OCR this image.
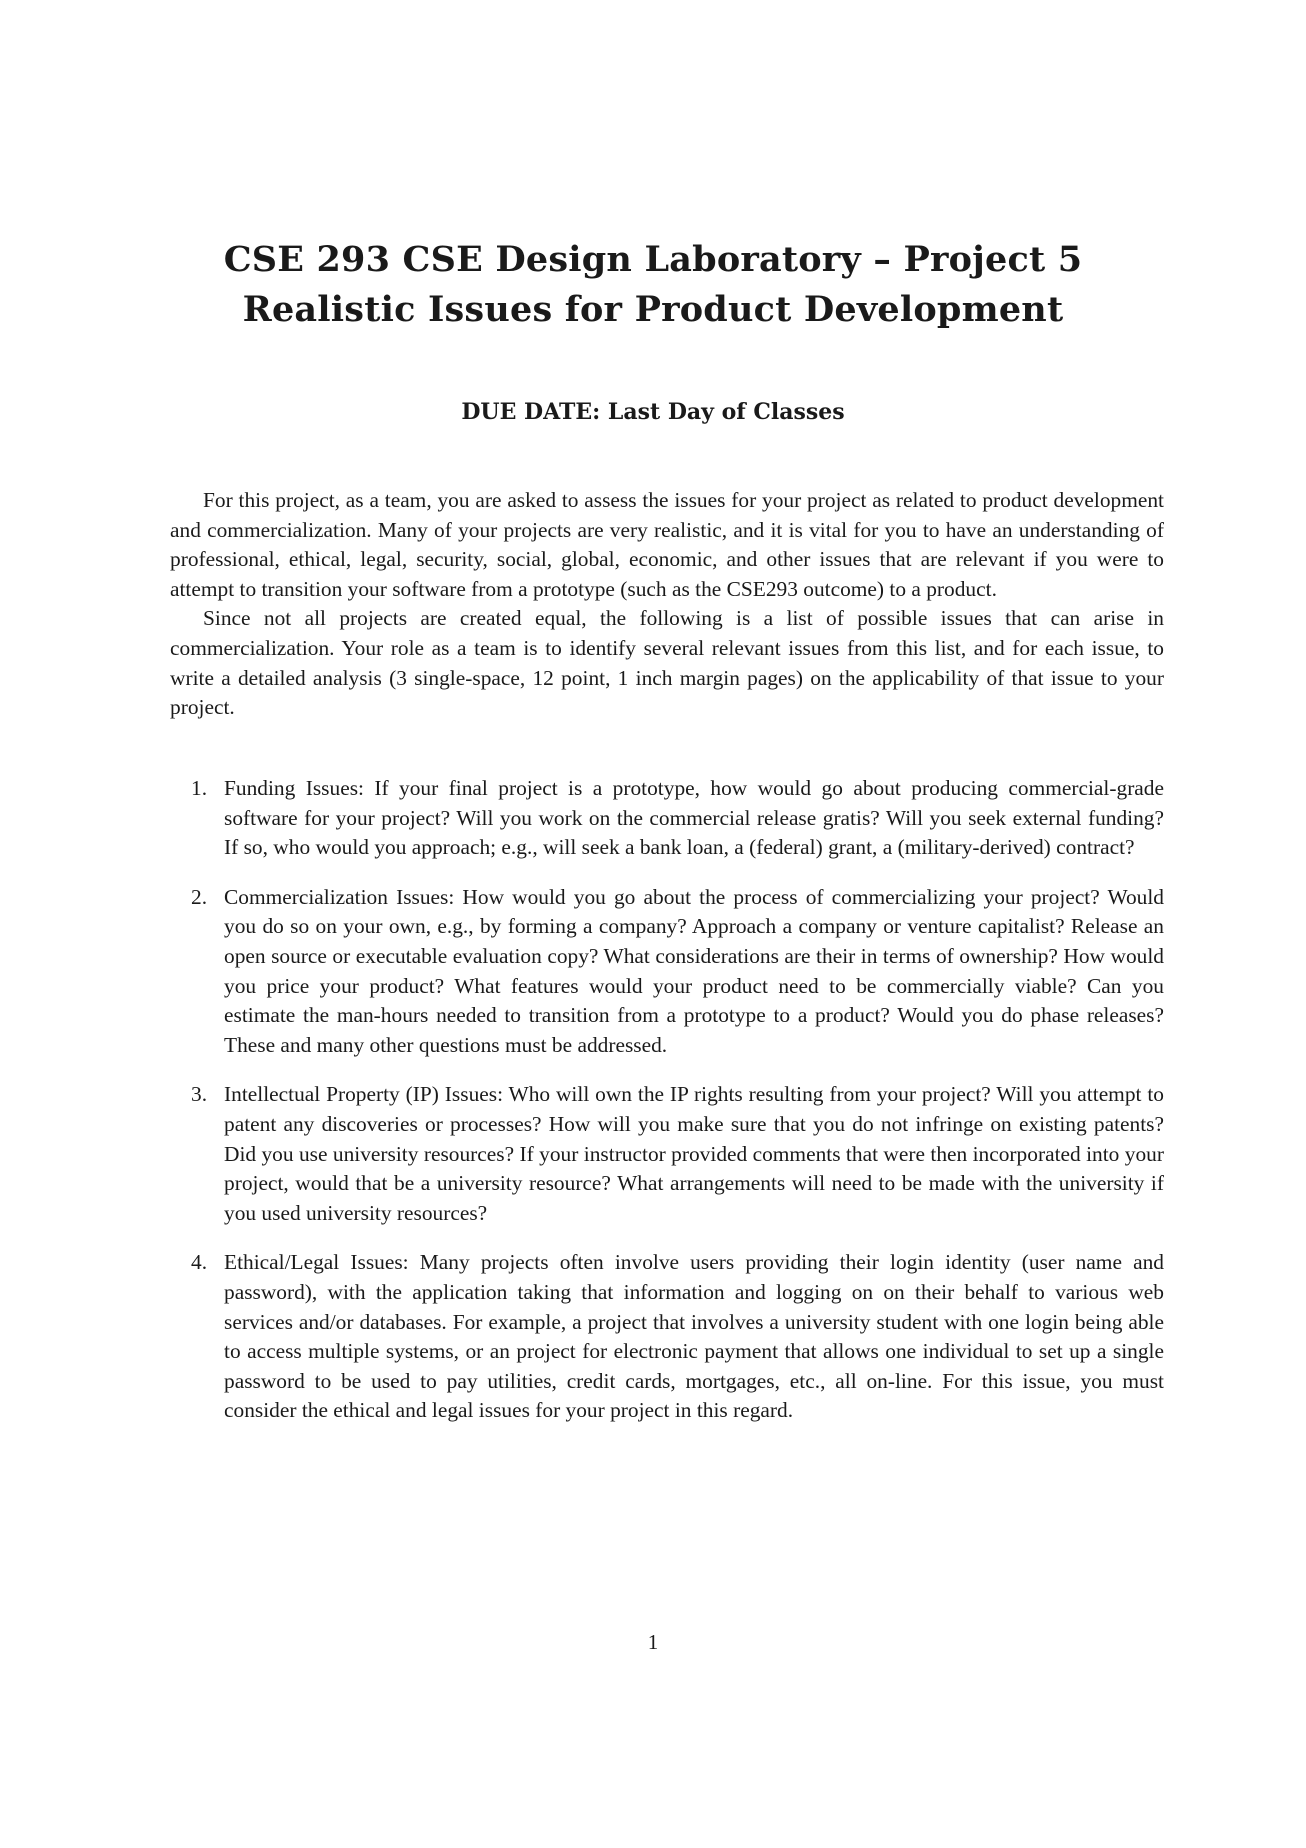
CSE 293 CSE Design Laboratory – Project 5
Realistic Issues for Product Development
DUE DATE: Last Day of Classes

For this project, as a team, you are asked to assess the issues for your project as related to product development and commercialization. Many of your projects are very realistic, and it is vital for you to have an understanding of professional, ethical, legal, security, social, global, economic, and other issues that are relevant if you were to attempt to transition your software from a prototype (such as the CSE293 outcome) to a product.

Since not all projects are created equal, the following is a list of possible issues that can arise in commercialization. Your role as a team is to identify several relevant issues from this list, and for each issue, to write a detailed analysis (3 single-space, 12 point, 1 inch margin pages) on the applicability of that issue to your project.

1. Funding Issues: If your final project is a prototype, how would go about producing commercial-grade software for your project? Will you work on the commercial release gratis? Will you seek external funding? If so, who would you approach; e.g., will seek a bank loan, a (federal) grant, a (military-derived) contract?
2. Commercialization Issues: How would you go about the process of commercializing your project? Would you do so on your own, e.g., by forming a company? Approach a company or venture capitalist? Release an open source or executable evaluation copy? What considerations are their in terms of ownership? How would you price your product? What features would your product need to be commercially viable? Can you estimate the man-hours needed to transition from a prototype to a product? Would you do phase releases? These and many other questions must be addressed.
3. Intellectual Property (IP) Issues: Who will own the IP rights resulting from your project? Will you attempt to patent any discoveries or processes? How will you make sure that you do not infringe on existing patents? Did you use university resources? If your instructor provided comments that were then incorporated into your project, would that be a university resource? What arrangements will need to be made with the university if you used university resources?
4. Ethical/Legal Issues: Many projects often involve users providing their login identity (user name and password), with the application taking that information and logging on on their behalf to various web services and/or databases. For example, a project that involves a university student with one login being able to access multiple systems, or an project for electronic payment that allows one individual to set up a single password to be used to pay utilities, credit cards, mortgages, etc., all on-line. For this issue, you must consider the ethical and legal issues for your project in this regard.
1
